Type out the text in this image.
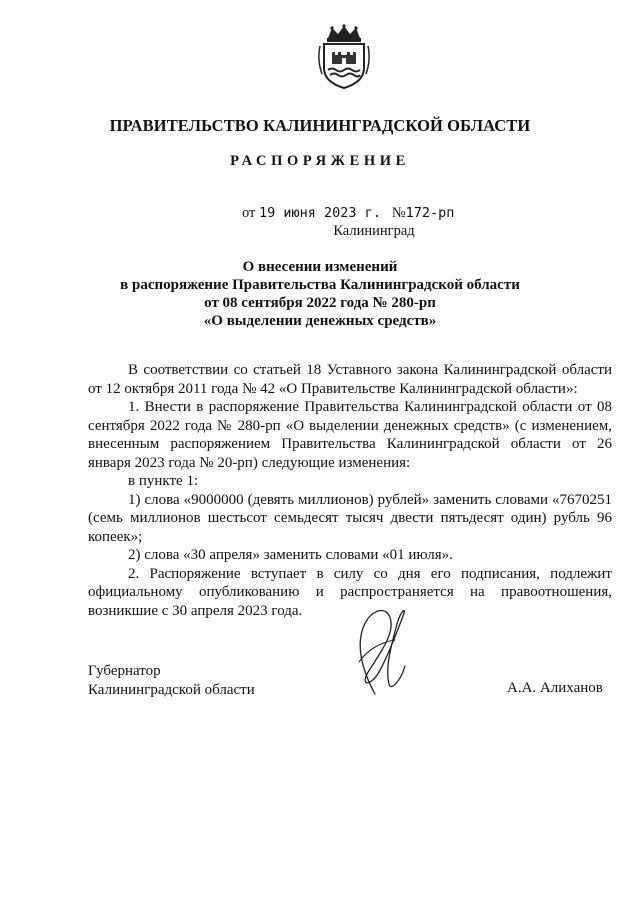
ПРАВИТЕЛЬСТВО КАЛИНИНГРАДСКОЙ ОБЛАСТИ
РАСПОРЯЖЕНИЕ
от 19 июня 2023 г. №172-рп
Калининград
О внесении изменений
в распоряжение Правительства Калининградской области
от 08 сентября 2022 года № 280-рп
«О выделении денежных средств»

В соответствии со статьей 18 Уставного закона Калининградской области от 12 октября 2011 года № 42 «О Правительстве Калининградской области»:

1. Внести в распоряжение Правительства Калининградской области от 08 сентября 2022 года № 280-рп «О выделении денежных средств» (с изменением, внесенным распоряжением Правительства Калининградской области от 26 января 2023 года № 20-рп) следующие изменения:

в пункте 1:

1) слова «9000000 (девять миллионов) рублей» заменить словами «7670251 (семь миллионов шестьсот семьдесят тысяч двести пятьдесят один) рубль 96 копеек»;

2) слова «30 апреля» заменить словами «01 июля».

2. Распоряжение вступает в силу со дня его подписания, подлежит официальному опубликованию и распространяется на правоотношения, возникшие с 30 апреля 2023 года.

Губернатор
Калининградской области	А.А. Алиханов
